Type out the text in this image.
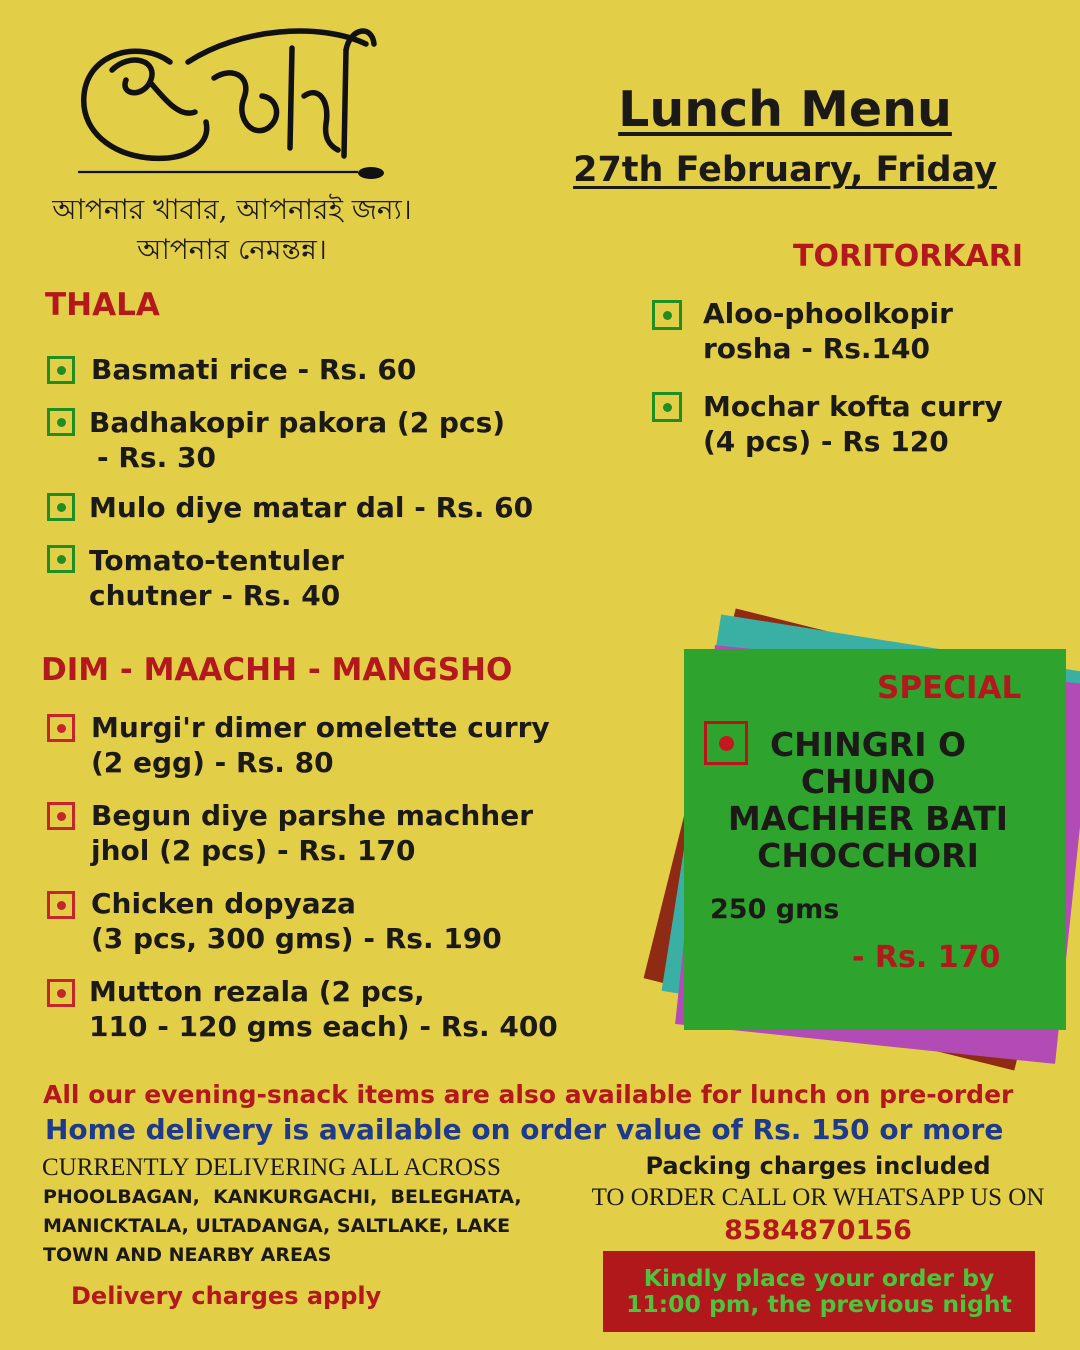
আপনার খাবার, আপনারই জন্য।
আপনার নেমন্তন্ন।
Lunch Menu
27th February, Friday
THALA
Basmati rice - Rs. 60
Badhakopir pakora (2 pcs)
- Rs. 30
Mulo diye matar dal - Rs. 60
Tomato-tentuler
chutner - Rs. 40
DIM - MAACHH - MANGSHO
Murgi'r dimer omelette curry
(2 egg) - Rs. 80
Begun diye parshe machher
jhol (2 pcs) - Rs. 170
Chicken dopyaza
(3 pcs, 300 gms) - Rs. 190
Mutton rezala (2 pcs,
110 - 120 gms each) - Rs. 400
TORITORKARI
Aloo-phoolkopir
rosha - Rs.140
Mochar kofta curry
(4 pcs) - Rs 120
SPECIAL
CHINGRI O
CHUNO
MACHHER BATI
CHOCCHORI
250 gms
- Rs. 170
All our evening-snack items are also available for lunch on pre-order
Home delivery is available on order value of Rs. 150 or more
CURRENTLY DELIVERING ALL ACROSS
PHOOLBAGAN,  KANKURGACHI,  BELEGHATA,
MANICKTALA, ULTADANGA, SALTLAKE, LAKE
TOWN AND NEARBY AREAS
Delivery charges apply
Packing charges included
TO ORDER CALL OR WHATSAPP US ON
8584870156
Kindly place your order by
11:00 pm, the previous night
